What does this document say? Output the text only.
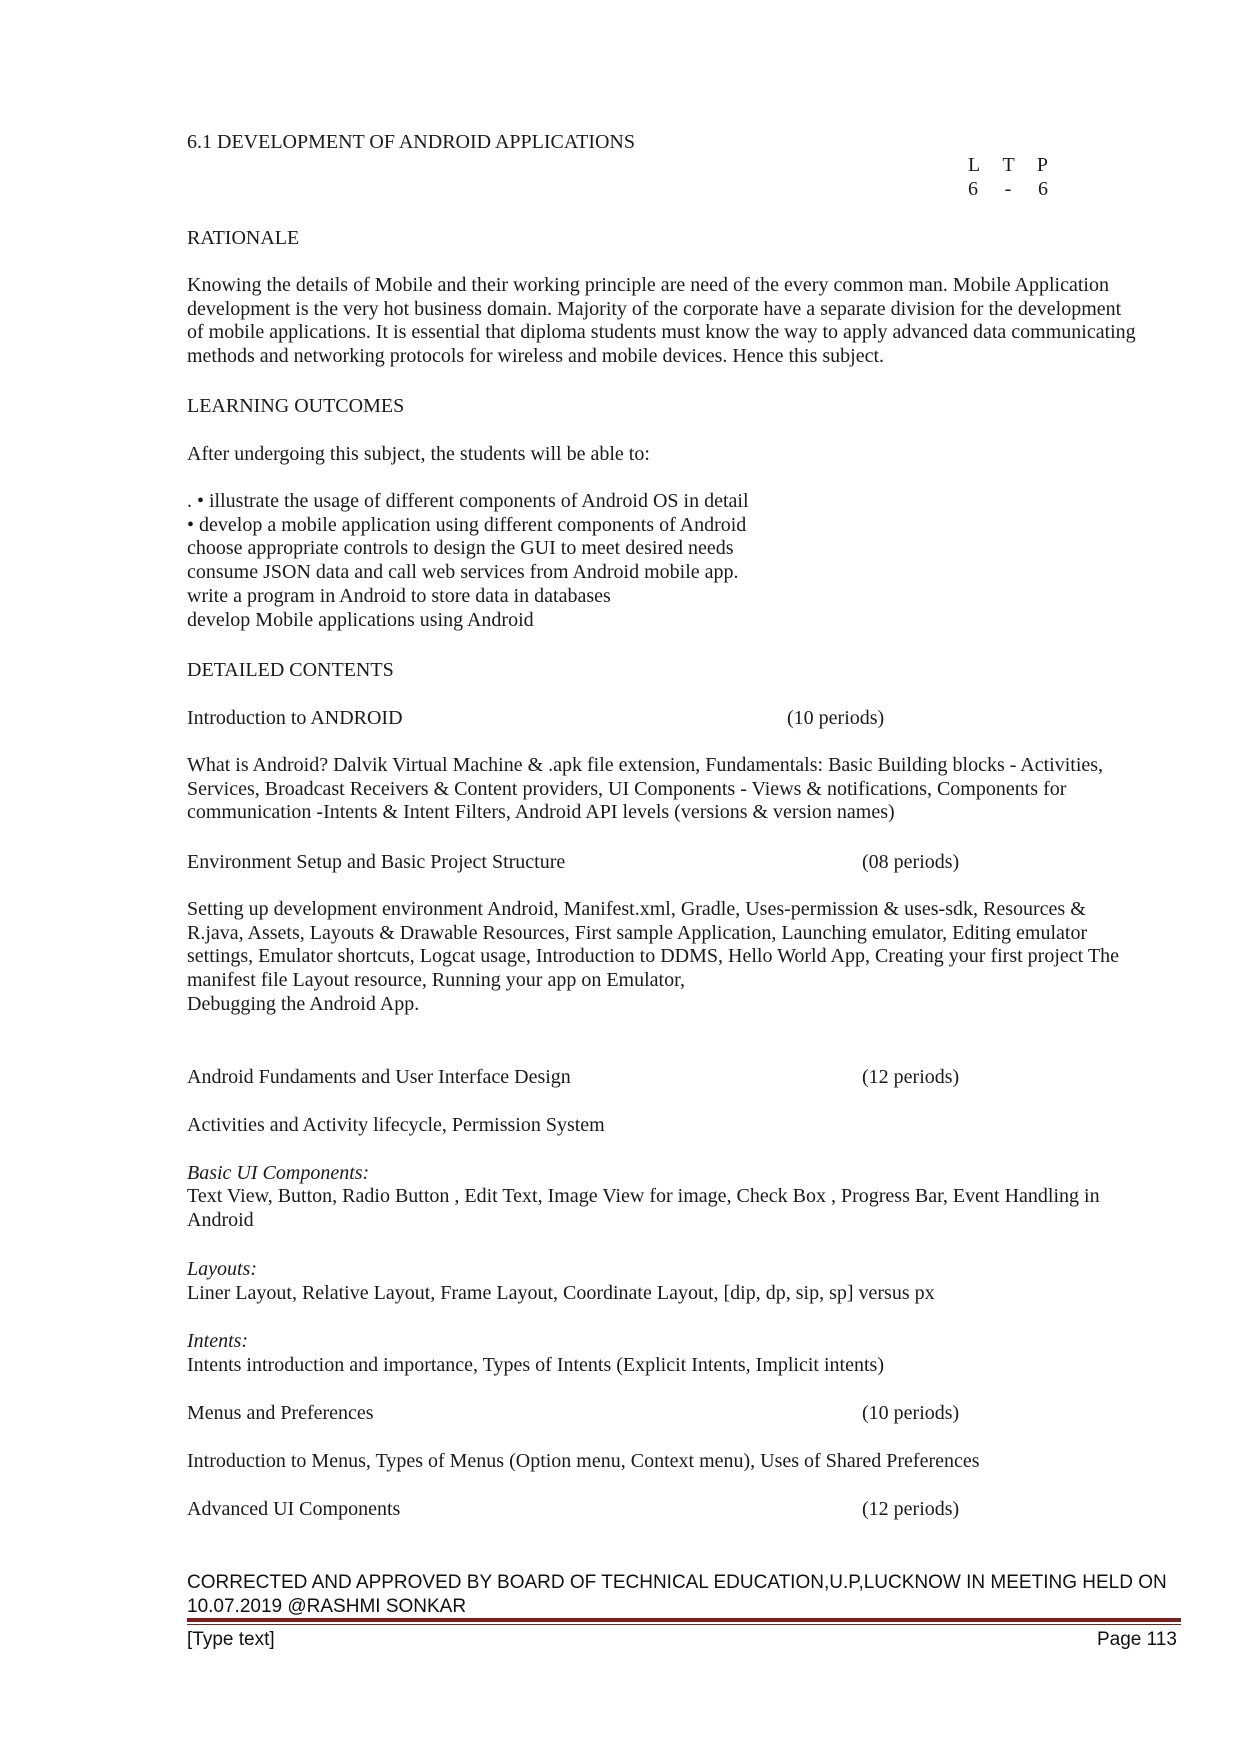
6.1 DEVELOPMENT OF ANDROID APPLICATIONS
L T P
6 - 6
RATIONALE
Knowing the details of Mobile and their working principle are need of the every common man. Mobile Application
development is the very hot business domain. Majority of the corporate have a separate division for the development
of mobile applications. It is essential that diploma students must know the way to apply advanced data communicating
methods and networking protocols for wireless and mobile devices. Hence this subject.
LEARNING OUTCOMES
After undergoing this subject, the students will be able to:
. • illustrate the usage of different components of Android OS in detail
• develop a mobile application using different components of Android
choose appropriate controls to design the GUI to meet desired needs
consume JSON data and call web services from Android mobile app.
write a program in Android to store data in databases
develop Mobile applications using Android
DETAILED CONTENTS
Introduction to ANDROID	(10 periods)
What is Android? Dalvik Virtual Machine & .apk file extension, Fundamentals: Basic Building blocks - Activities,
Services, Broadcast Receivers & Content providers, UI Components - Views & notifications, Components for
communication -Intents & Intent Filters, Android API levels (versions & version names)
Environment Setup and Basic Project Structure	(08 periods)
Setting up development environment Android, Manifest.xml, Gradle, Uses-permission & uses-sdk, Resources &
R.java, Assets, Layouts & Drawable Resources, First sample Application, Launching emulator, Editing emulator
settings, Emulator shortcuts, Logcat usage, Introduction to DDMS, Hello World App, Creating your first project The
manifest file Layout resource, Running your app on Emulator,
Debugging the Android App.
Android Fundaments and User Interface Design	(12 periods)
Activities and Activity lifecycle, Permission System
Basic UI Components:
Text View, Button, Radio Button , Edit Text, Image View for image, Check Box , Progress Bar, Event Handling in
Android
Layouts:
Liner Layout, Relative Layout, Frame Layout, Coordinate Layout, [dip, dp, sip, sp] versus px
Intents:
Intents introduction and importance, Types of Intents (Explicit Intents, Implicit intents)
Menus and Preferences	(10 periods)
Introduction to Menus, Types of Menus (Option menu, Context menu), Uses of Shared Preferences
Advanced UI Components	(12 periods)
CORRECTED AND APPROVED BY BOARD OF TECHNICAL EDUCATION,U.P,LUCKNOW IN MEETING HELD ON
10.07.2019 @RASHMI SONKAR
[Type text]	Page 113
